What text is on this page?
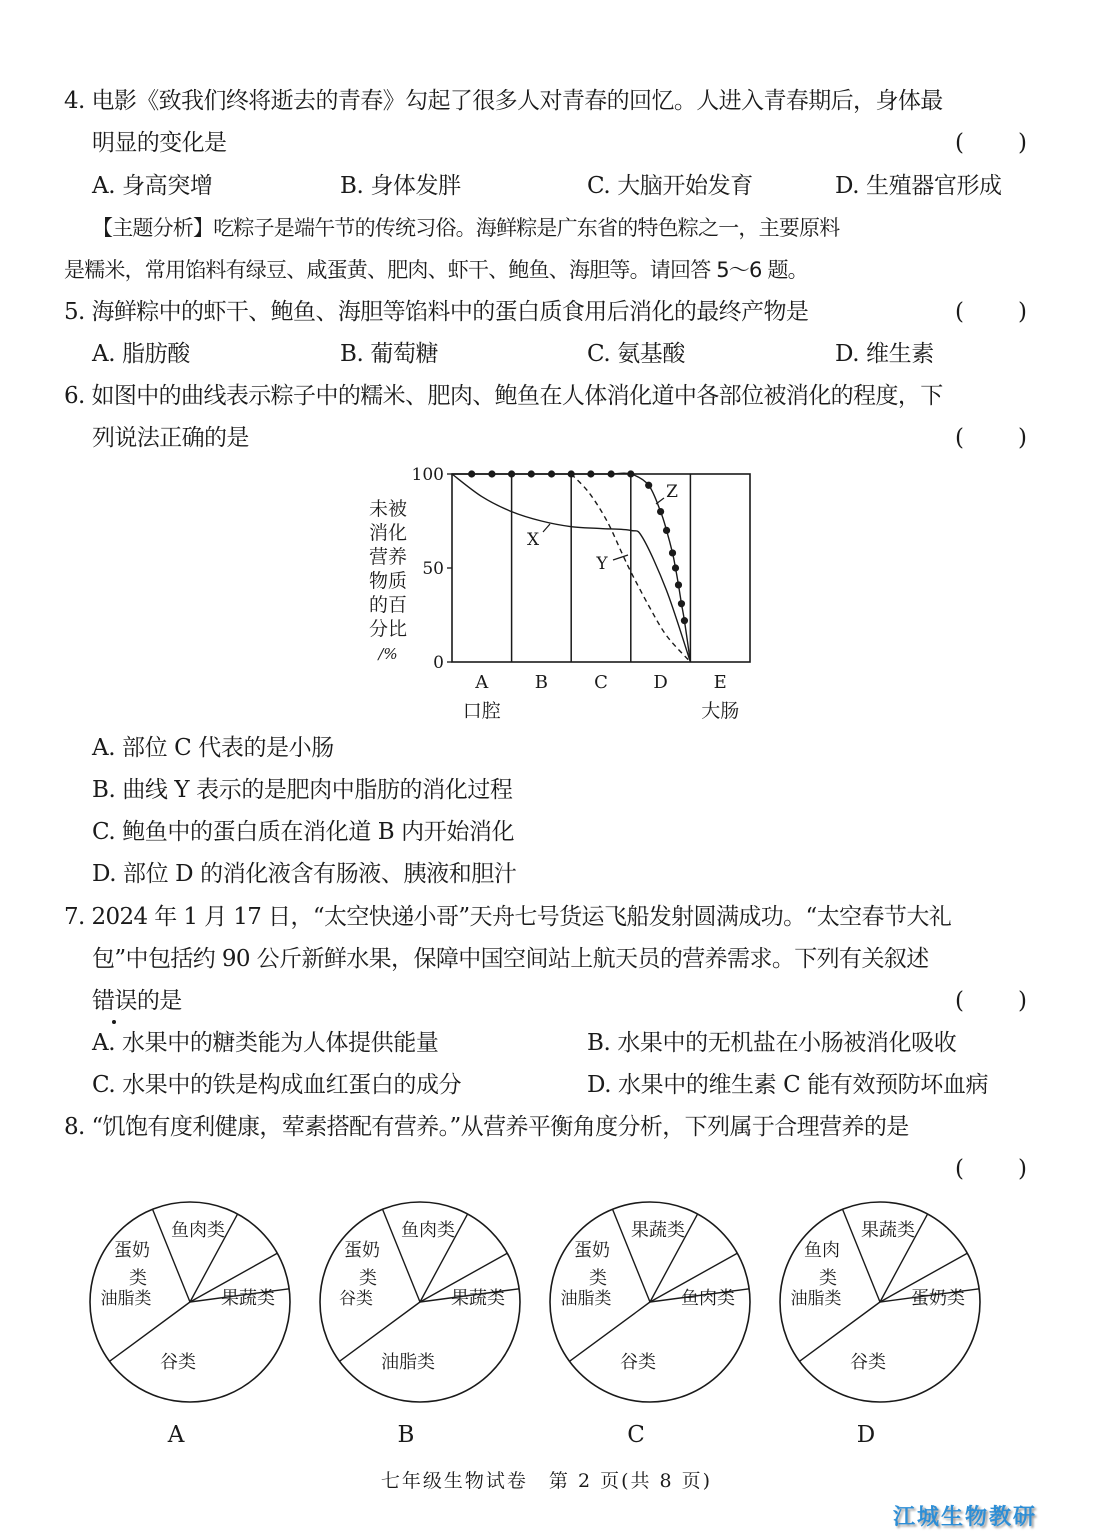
4. 电影《致我们终将逝去的青春》勾起了很多人对青春的回忆。人进入青春期后，身体最
明显的变化是	( )
A. 身高突增	B. 身体发胖	C. 大脑开始发育	D. 生殖器官形成
【主题分析】吃粽子是端午节的传统习俗。海鲜粽是广东省的特色粽之一，主要原料
是糯米，常用馅料有绿豆、咸蛋黄、肥肉、虾干、鲍鱼、海胆等。请回答 5～6 题。
5. 海鲜粽中的虾干、鲍鱼、海胆等馅料中的蛋白质食用后消化的最终产物是	( )
A. 脂肪酸	B. 葡萄糖	C. 氨基酸	D. 维生素
6. 如图中的曲线表示粽子中的糯米、肥肉、鲍鱼在人体消化道中各部位被消化的程度，下
列说法正确的是	( )
未被
消化
营养
物质
的百
分比
/% 0
50
100
X
Y
Z
A
口腔
B	C	D	E
大肠
A. 部位 C 代表的是小肠
B. 曲线 Y 表示的是肥肉中脂肪的消化过程
C. 鲍鱼中的蛋白质在消化道 B 内开始消化
D. 部位 D 的消化液含有肠液、胰液和胆汁
7. 2024 年 1 月 17 日，“太空快递小哥”天舟七号货运飞船发射圆满成功。“太空春节大礼
包”中包括约 90 公斤新鲜水果，保障中国空间站上航天员的营养需求。下列有关叙述
错误的是	( )
A. 水果中的糖类能为人体提供能量	B. 水果中的无机盐在小肠被消化吸收
C. 水果中的铁是构成血红蛋白的成分	D. 水果中的维生素 C 能有效预防坏血病
8. “饥饱有度利健康，荤素搭配有营养。”从营养平衡角度分析，下列属于合理营养的是
( )
鱼肉类
蛋奶
类
油脂类
谷类
果蔬类
A
鱼肉类
蛋奶
类
谷类
油脂类
果蔬类
B
果蔬类
蛋奶
类
油脂类
谷类
鱼肉类
C
果蔬类
鱼肉
类
油脂类
谷类
蛋奶类
D
七年级生物试卷　第 2 页(共 8 页)
江城生物教研
